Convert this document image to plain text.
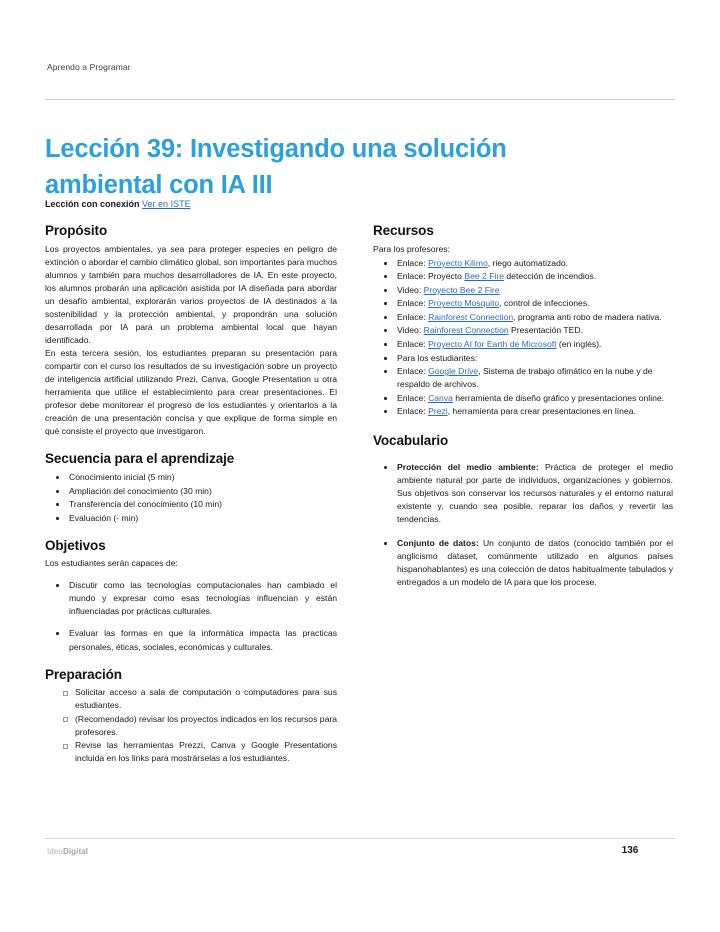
Aprendo a Programar
Lección 39: Investigando una solución ambiental con IA III
Lección con conexión Ver en ISTE
Propósito

Los proyectos ambientales, ya sea para proteger especies en peligro de extinción o abordar el cambio climático global, son importantes para muchos alumnos y también para muchos desarrolladores de IA. En este proyecto, los alumnos probarán una aplicación asistida por IA diseñada para abordar un desafío ambiental, explorarán varios proyectos de IA destinados a la sostenibilidad y la protección ambiental, y propondrán una solución desarrollada por IA para un problema ambiental local que hayan identificado.

En esta tercera sesión, los estudiantes preparan su presentación para compartir con el curso los resultados de su investigación sobre un proyecto de inteligencia artificial utilizando Prezi, Canva, Google Presentation u otra herramienta que utilice el establecimiento para crear presentaciones. El profesor debe monitorear el progreso de los estudiantes y orientarlos a la creación de una presentación concisa y que explique de forma simple en qué consiste el proyecto que investigaron.

Secuencia para el aprendizaje
Conocimiento inicial (5 min)
Ampliación del conocimiento (30 min)
Transferencia del conocimiento (10 min)
Evaluación (- min)
Objetivos

Los estudiantes serán capaces de:

Discutir como las tecnologías computacionales han cambiado el mundo y expresar como esas tecnologías influencian y están influenciadas por prácticas culturales.
Evaluar las formas en que la informática impacta las practicas personales, éticas, sociales, económicas y culturales.
Preparación
Solicitar acceso a sala de computación o computadores para sus estudiantes.
(Recomendado) revisar los proyectos indicados en los recursos para profesores.
Revise las herramientas Prezzi, Canva y Google Presentations incluida en los links para mostrárselas a los estudiantes.
Recursos

Para los profesores:

Enlace: Proyecto Kilimo, riego automatizado.
Enlace: Proyecto Bee 2 Fire detección de incendios.
Video: Proyecto Bee 2 Fire
Enlace: Proyecto Mosquito, control de infecciones.
Enlace: Rainforest Connection, programa anti robo de madera nativa.
Video: Rainforest Connection Presentación TED.
Enlace: Proyecto AI for Earth de Microsoft (en inglés).
Para los estudiantes:
Enlace: Google Drive, Sistema de trabajo ofimático en la nube y de respaldo de archivos.
Enlace: Canva herramienta de diseño gráfico y presentaciones online.
Enlace: Prezi, herramienta para crear presentaciones en línea.
Vocabulario
Protección del medio ambiente: Práctica de proteger el medio ambiente natural por parte de individuos, organizaciones y gobiernos. Sus objetivos son conservar los recursos naturales y el entorno natural existente y, cuando sea posible, reparar los daños y revertir las tendencias.
Conjunto de datos: Un conjunto de datos (conocido también por el anglicismo dataset, comúnmente utilizado en algunos países hispanohablantes) es una colección de datos habitualmente tabulados y entregados a un modelo de IA para que los procese.
IdeoDigital	136
